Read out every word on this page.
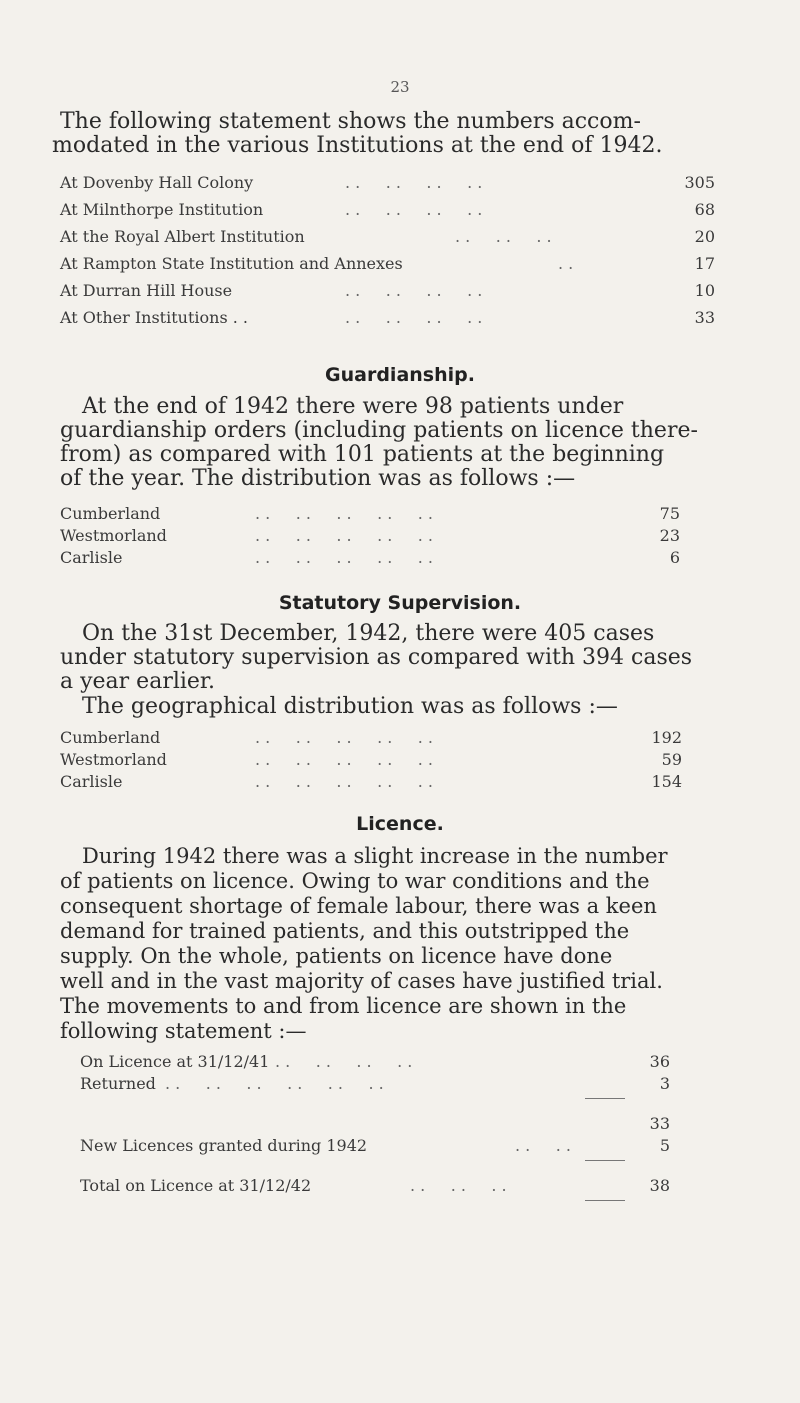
23
The following statement shows the numbers accom-
modated in the various Institutions at the end of 1942.
At Dovenby Hall Colony	. .     . .     . .     . .	305
At Milnthorpe Institution	. .     . .     . .     . .	68
At the Royal Albert Institution	. .     . .     . .	20
At Rampton State Institution and Annexes	. .	17
At Durran Hill House	. .     . .     . .     . .	10
At Other Institutions . .	. .     . .     . .     . .	33
Guardianship.
At the end of 1942 there were 98 patients under
guardianship orders (including patients on licence there-
from) as compared with 101 patients at the beginning
of the year. The distribution was as follows :—
Cumberland	. .     . .     . .     . .     . .	75
Westmorland	. .     . .     . .     . .     . .	23
Carlisle	. .     . .     . .     . .     . .	6
Statutory Supervision.
On the 31st December, 1942, there were 405 cases
under statutory supervision as compared with 394 cases
a year earlier.
The geographical distribution was as follows :—
Cumberland	. .     . .     . .     . .     . .	192
Westmorland	. .     . .     . .     . .     . .	59
Carlisle	. .     . .     . .     . .     . .	154
Licence.
During 1942 there was a slight increase in the number
of patients on licence. Owing to war conditions and the
consequent shortage of female labour, there was a keen
demand for trained patients, and this outstripped the
supply. On the whole, patients on licence have done
well and in the vast majority of cases have justified trial.
The movements to and from licence are shown in the
following statement :—
On Licence at 31/12/41 . .     . .     . .     . .	36
Returned . .     . .     . .     . .     . .     . .	3
33
New Licences granted during 1942	. .     . .	5
Total on Licence at 31/12/42	. .     . .     . .	38
